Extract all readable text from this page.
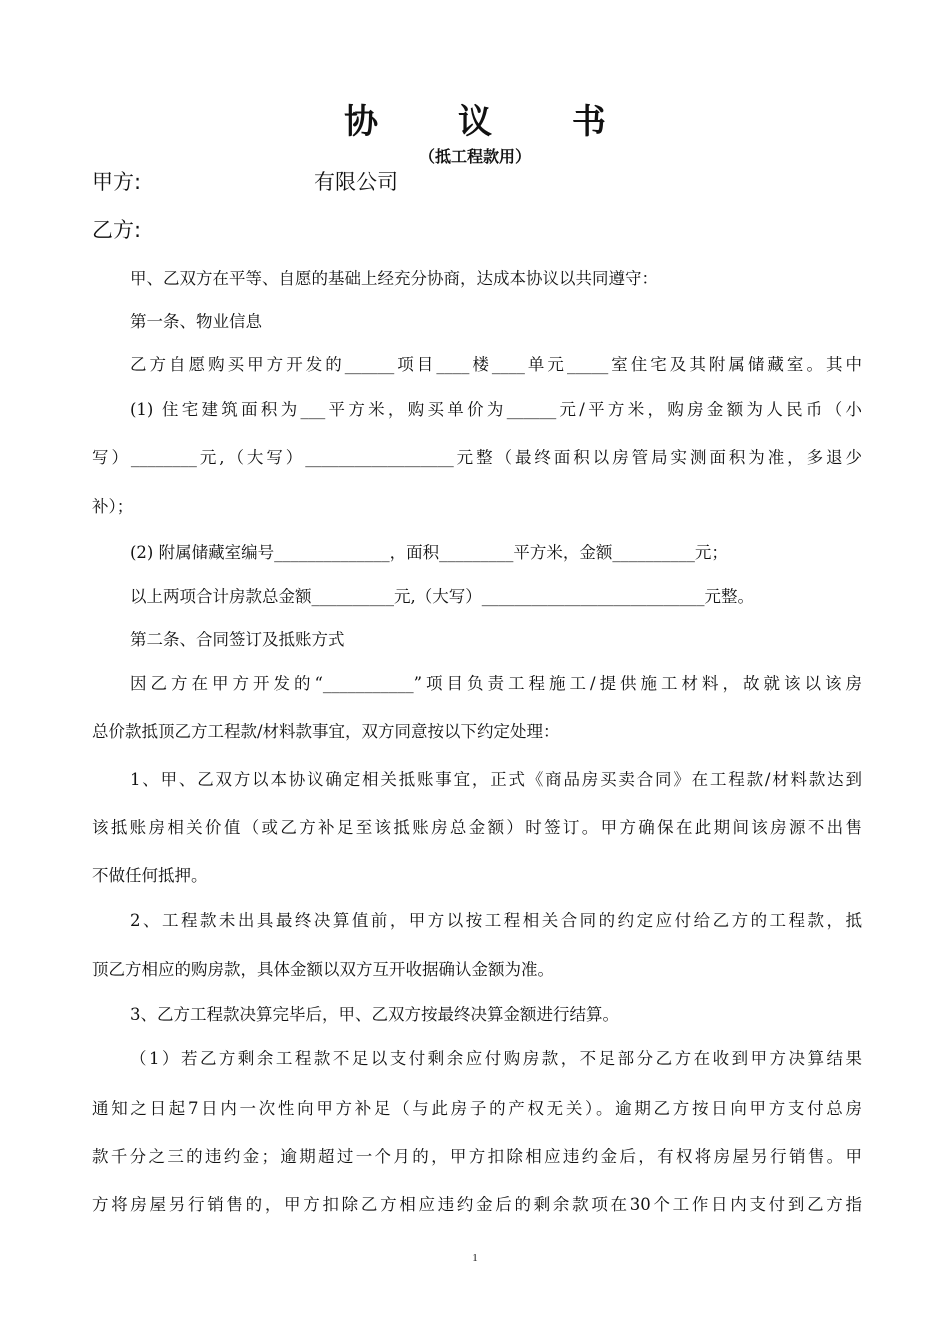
协 议 书
（抵工程款用）
甲方:	有限公司
乙方:
甲、乙双方在平等、自愿的基础上经充分协商，达成本协议以共同遵守：
第一条、物业信息
乙方自愿购买甲方开发的______项目____楼____单元_____室住宅及其附属储藏室。其中
(1) 住宅建筑面积为___平方米，购买单价为______元/平方米，购房金额为人民币（小
写）________元,（大写）__________________元整（最终面积以房管局实测面积为准，多退少
补）；
(2) 附属储藏室编号______________，面积_________平方米，金额__________元；
以上两项合计房款总金额__________元,（大写）___________________________元整。
第二条、合同签订及抵账方式
因乙方在甲方开发的“___________”项目负责工程施工/提供施工材料，故就该以该房
总价款抵顶乙方工程款/材料款事宜，双方同意按以下约定处理：
1、甲、乙双方以本协议确定相关抵账事宜，正式《商品房买卖合同》在工程款/材料款达到
该抵账房相关价值（或乙方补足至该抵账房总金额）时签订。甲方确保在此期间该房源不出售
不做任何抵押。
2、工程款未出具最终决算值前，甲方以按工程相关合同的约定应付给乙方的工程款，抵
顶乙方相应的购房款，具体金额以双方互开收据确认金额为准。
3、乙方工程款决算完毕后，甲、乙双方按最终决算金额进行结算。
（1）若乙方剩余工程款不足以支付剩余应付购房款，不足部分乙方在收到甲方决算结果
通知之日起7日内一次性向甲方补足（与此房子的产权无关）。逾期乙方按日向甲方支付总房
款千分之三的违约金；逾期超过一个月的，甲方扣除相应违约金后，有权将房屋另行销售。甲
方将房屋另行销售的，甲方扣除乙方相应违约金后的剩余款项在30个工作日内支付到乙方指
1
